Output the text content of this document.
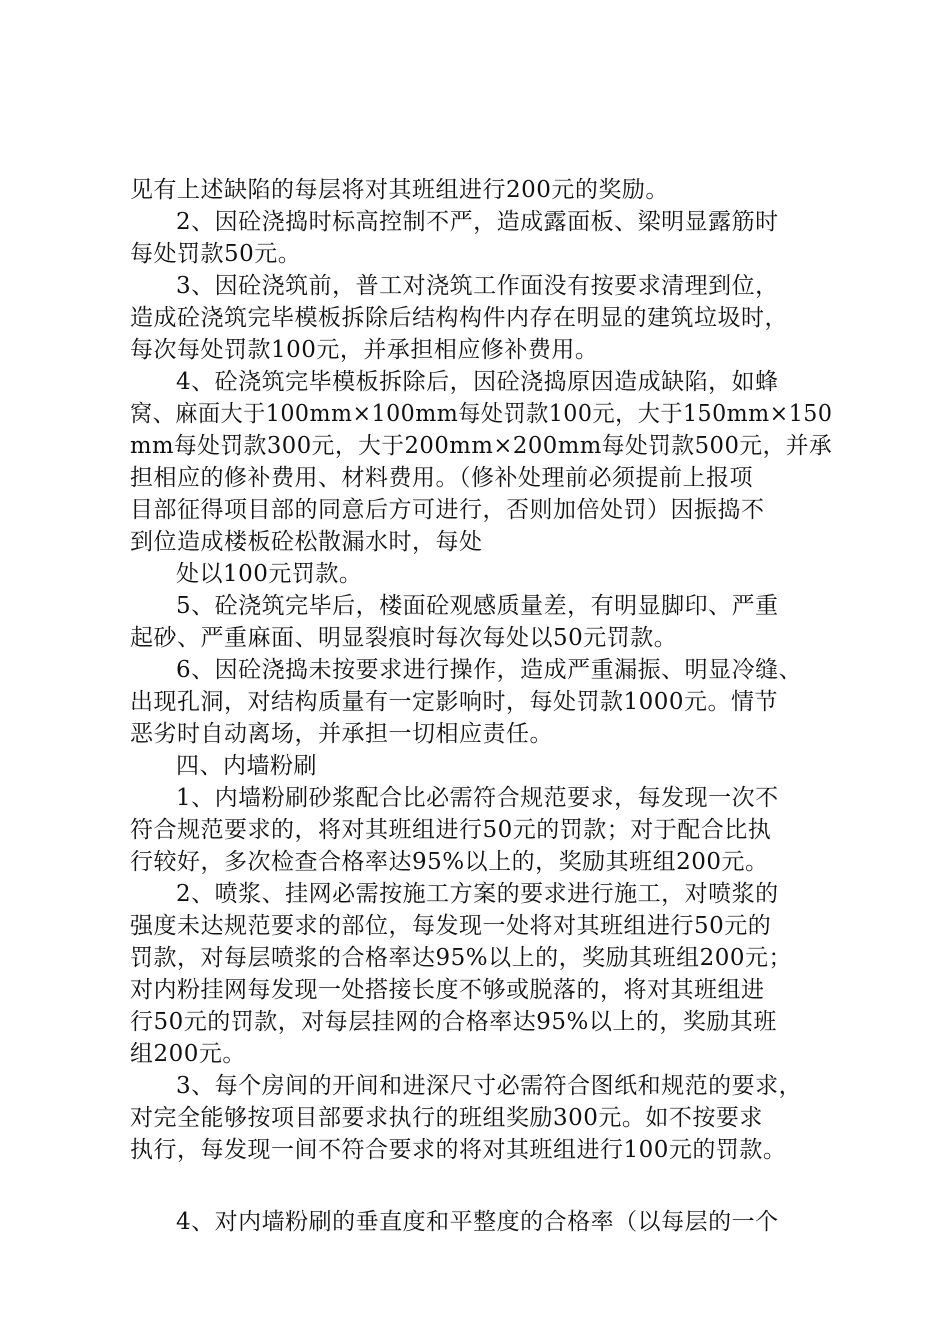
见有上述缺陷的每层将对其班组进行200元的奖励。
2、因砼浇捣时标高控制不严，造成露面板、梁明显露筋时
每处罚款50元。
3、因砼浇筑前，普工对浇筑工作面没有按要求清理到位，
造成砼浇筑完毕模板拆除后结构构件内存在明显的建筑垃圾时，
每次每处罚款100元，并承担相应修补费用。
4、砼浇筑完毕模板拆除后，因砼浇捣原因造成缺陷，如蜂
窝、麻面大于100mm×100mm每处罚款100元，大于150mm×150
mm每处罚款300元，大于200mm×200mm每处罚款500元，并承
担相应的修补费用、材料费用。（修补处理前必须提前上报项
目部征得项目部的同意后方可进行，否则加倍处罚）因振捣不
到位造成楼板砼松散漏水时，每处
处以100元罚款。
5、砼浇筑完毕后，楼面砼观感质量差，有明显脚印、严重
起砂、严重麻面、明显裂痕时每次每处以50元罚款。
6、因砼浇捣未按要求进行操作，造成严重漏振、明显冷缝、
出现孔洞，对结构质量有一定影响时，每处罚款1000元。情节
恶劣时自动离场，并承担一切相应责任。
四、内墙粉刷
1、内墙粉刷砂浆配合比必需符合规范要求，每发现一次不
符合规范要求的，将对其班组进行50元的罚款；对于配合比执
行较好，多次检查合格率达95%以上的，奖励其班组200元。
2、喷浆、挂网必需按施工方案的要求进行施工，对喷浆的
强度未达规范要求的部位，每发现一处将对其班组进行50元的
罚款，对每层喷浆的合格率达95%以上的，奖励其班组200元；
对内粉挂网每发现一处搭接长度不够或脱落的，将对其班组进
行50元的罚款，对每层挂网的合格率达95%以上的，奖励其班
组200元。
3、每个房间的开间和进深尺寸必需符合图纸和规范的要求，
对完全能够按项目部要求执行的班组奖励300元。如不按要求
执行，每发现一间不符合要求的将对其班组进行100元的罚款。
4、对内墙粉刷的垂直度和平整度的合格率（以每层的一个
